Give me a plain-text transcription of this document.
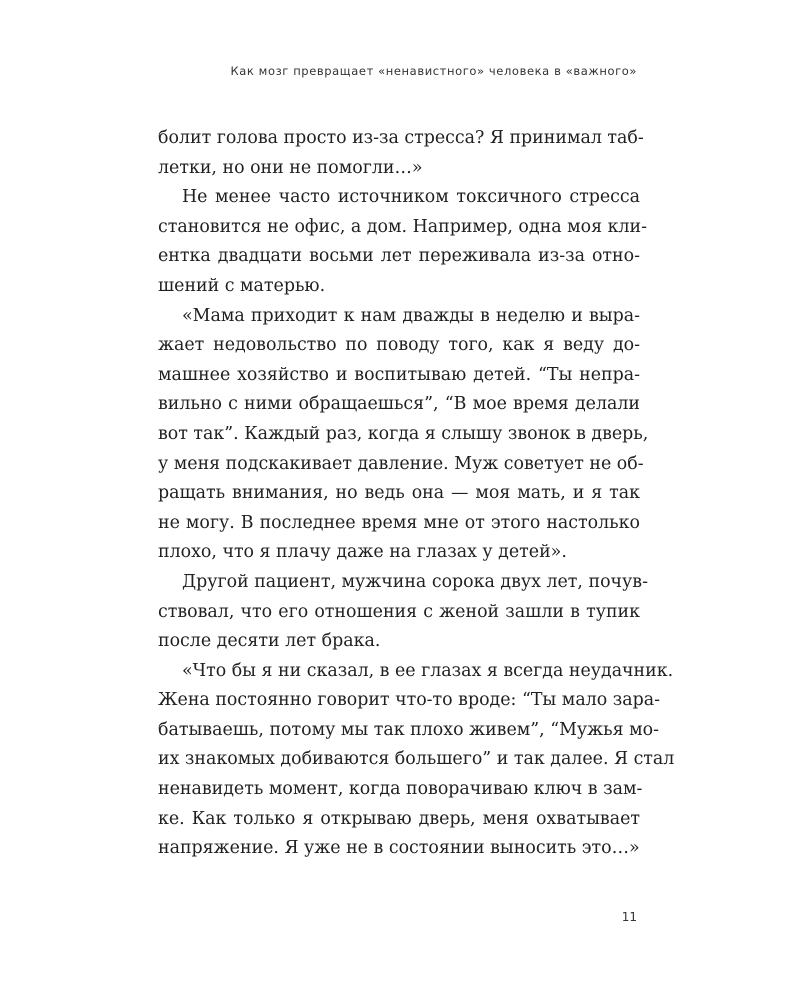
Как мозг превращает «ненавистного» человека в «важного»
болит голова просто из-за стресса? Я принимал таб-
летки, но они не помогли…»
Не менее часто источником токсичного стресса
становится не офис, а дом. Например, одна моя кли-
ентка двадцати восьми лет переживала из-за отно-
шений с матерью.
«Мама приходит к нам дважды в неделю и выра-
жает недовольство по поводу того, как я веду до-
машнее хозяйство и воспитываю детей. “Ты непра-
вильно с ними обращаешься”, “В мое время делали
вот так”. Каждый раз, когда я слышу звонок в дверь,
у меня подскакивает давление. Муж советует не об-
ращать внимания, но ведь она — моя мать, и я так
не могу. В последнее время мне от этого настолько
плохо, что я плачу даже на глазах у детей».
Другой пациент, мужчина сорока двух лет, почув-
ствовал, что его отношения с женой зашли в тупик
после десяти лет брака.
«Что бы я ни сказал, в ее глазах я всегда неудачник.
Жена постоянно говорит что-то вроде: “Ты мало зара-
батываешь, потому мы так плохо живем”, “Мужья мо-
их знакомых добиваются большего” и так далее. Я стал
ненавидеть момент, когда поворачиваю ключ в зам-
ке. Как только я открываю дверь, меня охватывает
напряжение. Я уже не в состоянии выносить это…»
11
